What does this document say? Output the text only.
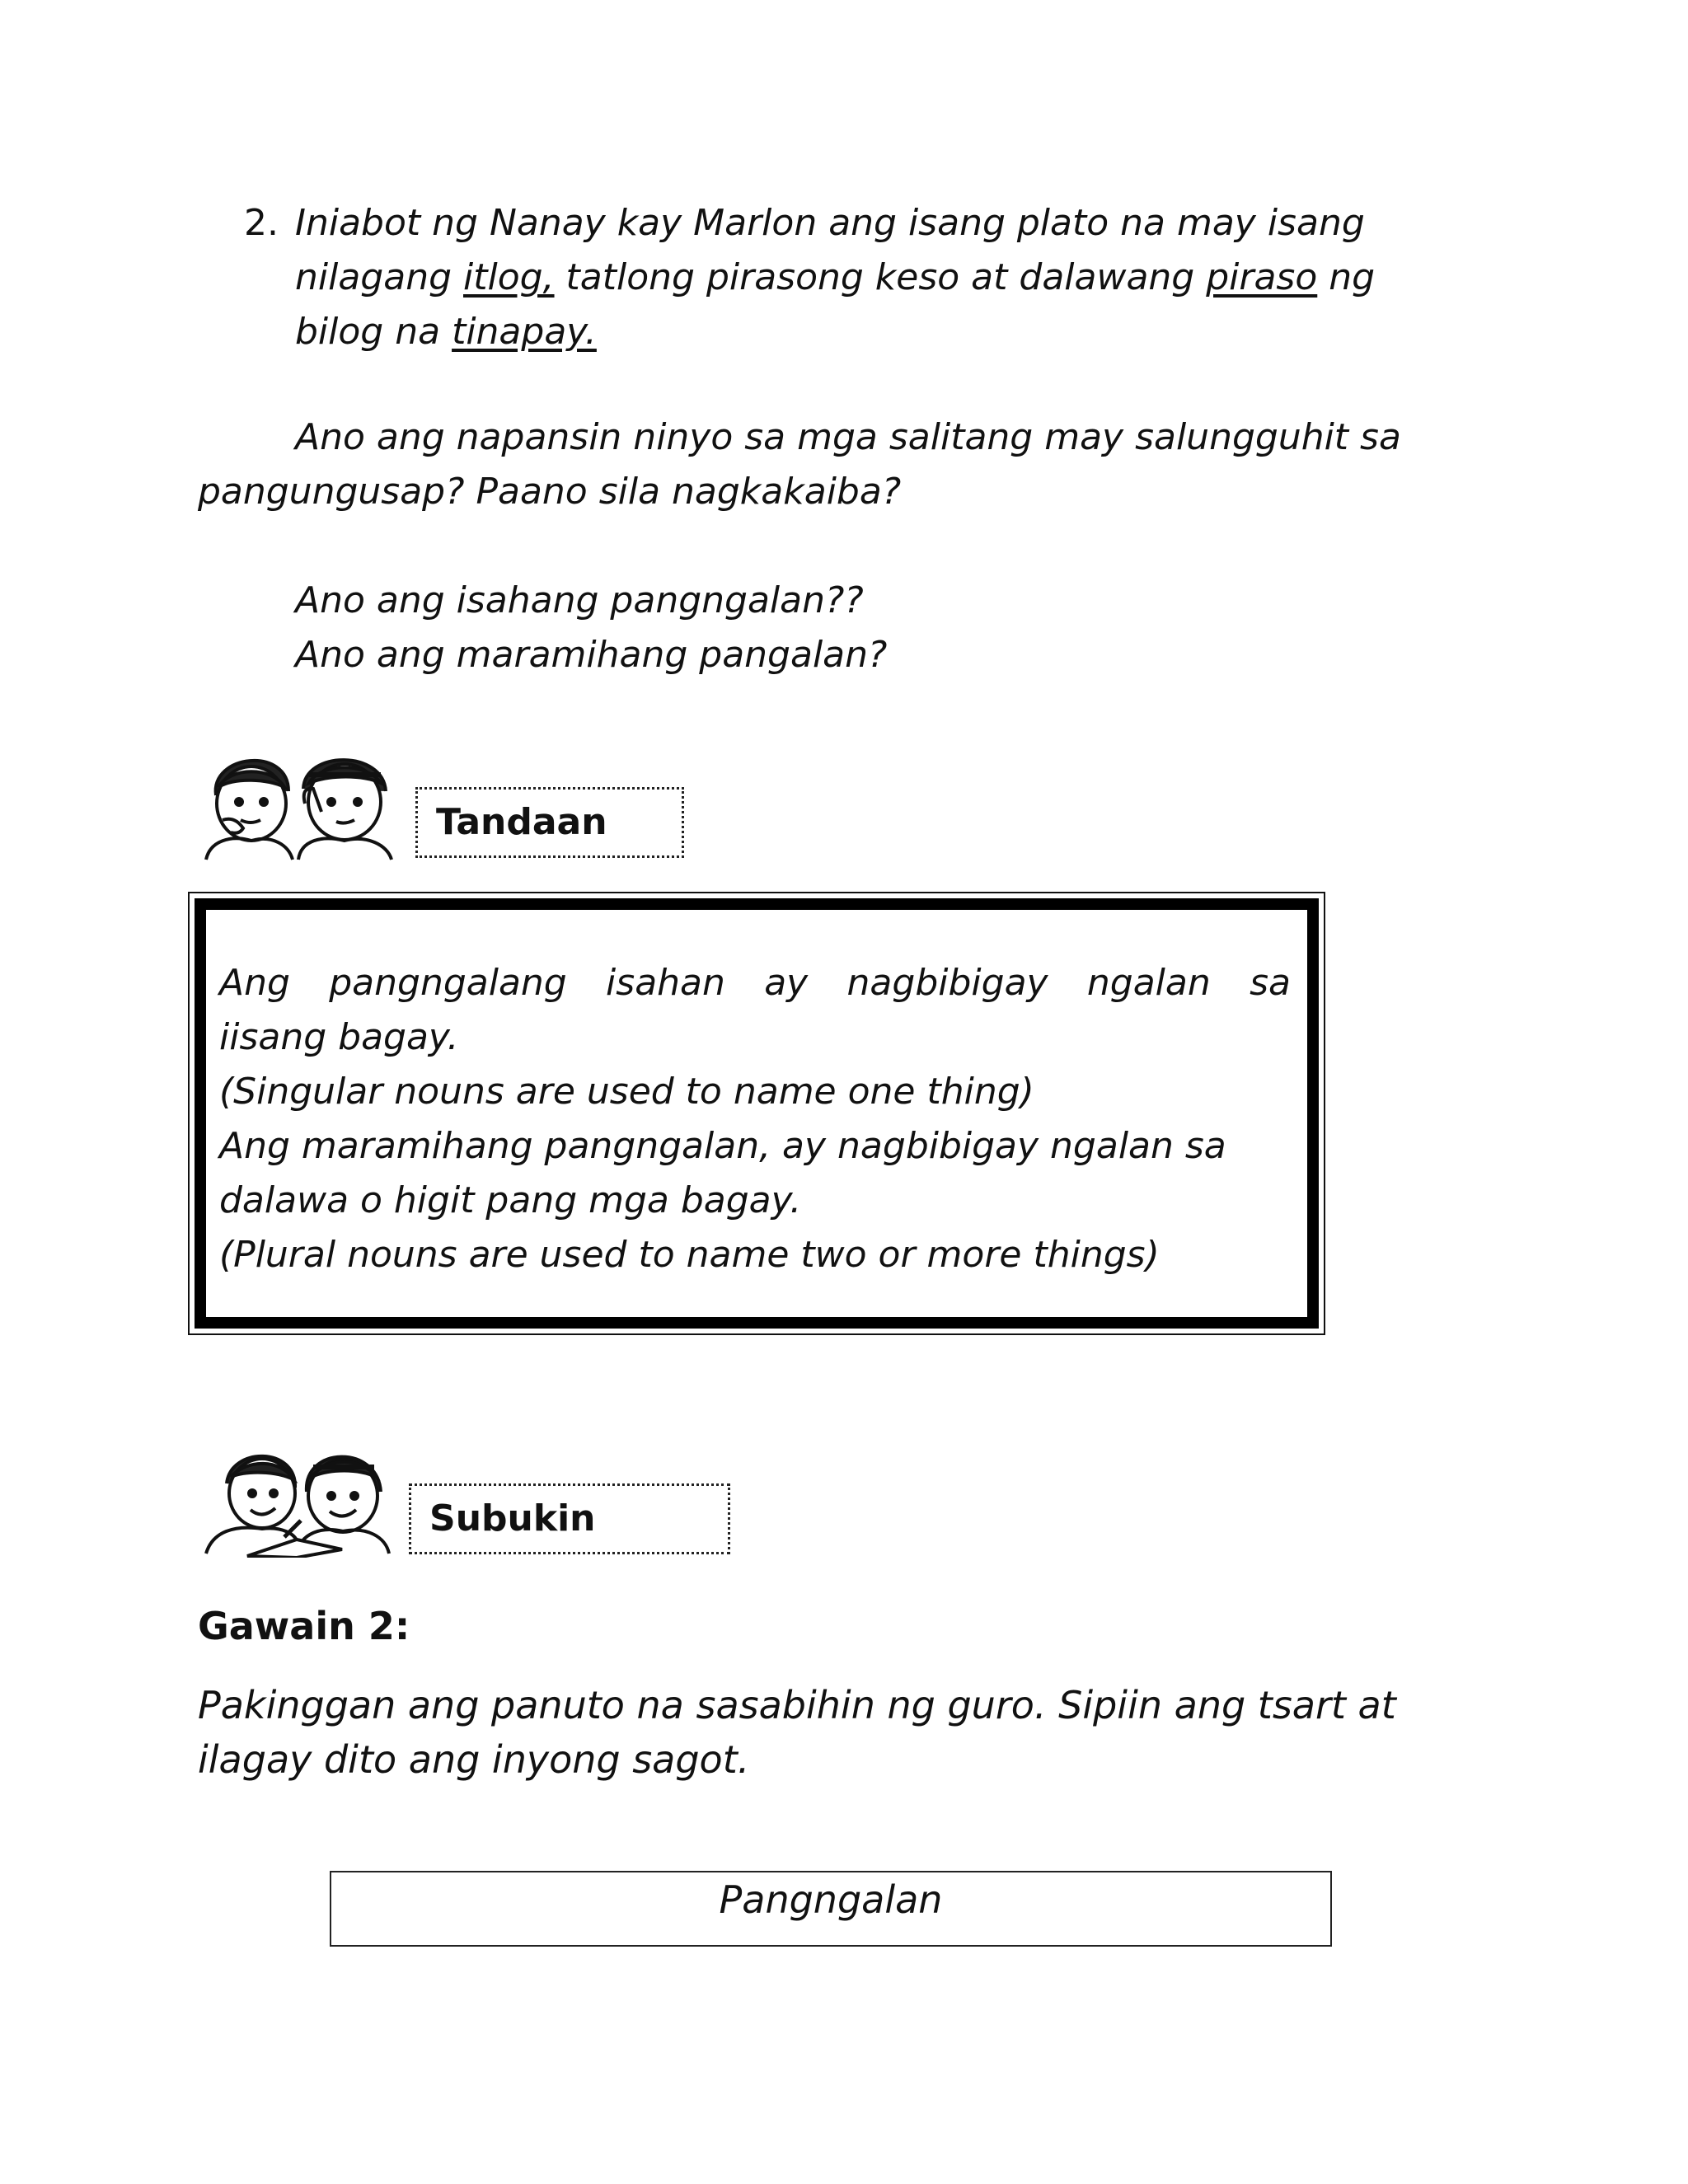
2. Iniabot ng Nanay kay Marlon ang isang plato na may isang
nilagang itlog, tatlong pirasong keso at dalawang piraso ng
bilog na tinapay.
Ano ang napansin ninyo sa mga salitang may salungguhit sa
pangungusap? Paano sila nagkakaiba?

Ano ang isahang pangngalan??

Ano ang maramihang pangalan?

Tandaan
Ang pangngalang isahan ay nagbibigay ngalan sa
iisang bagay.
(Singular nouns are used to name one thing)
Ang maramihang pangngalan, ay nagbibigay ngalan sa
dalawa o higit pang mga bagay.
(Plural nouns are used to name two or more things)
Subukin
Gawain 2:
Pakinggan ang panuto na sasabihin ng guro. Sipiin ang tsart at
ilagay dito ang inyong sagot.
Pangngalan
